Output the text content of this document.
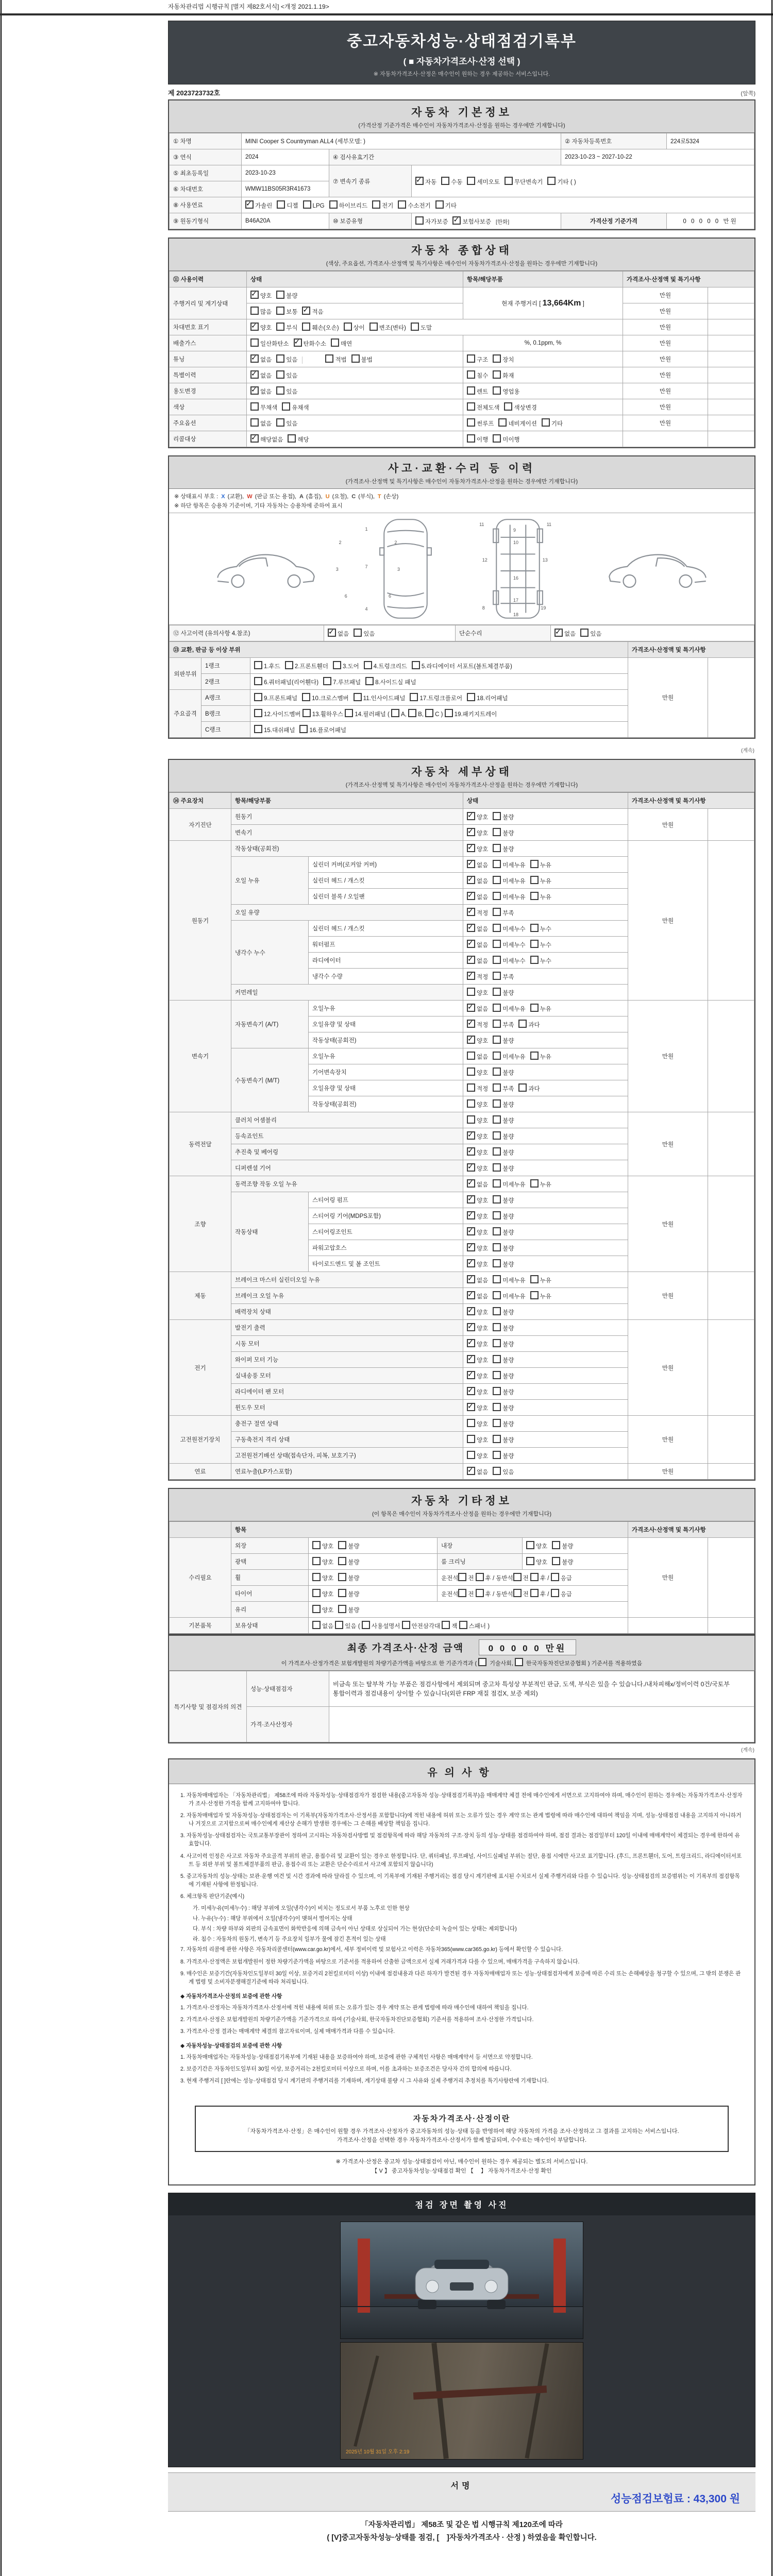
자동차관리법 시행규칙 [별지 제82호서식] <개정 2021.1.19>
중고자동차성능·상태점검기록부
( ■ 자동차가격조사·산정 선택 )
※ 자동차가격조사·산정은 매수인이 원하는 경우 제공하는 서비스입니다.
제 2023723732호	(앞쪽)
자동차 기본정보
(가격산정 기준가격은 매수인이 자동차가격조사·산정을 원하는 경우에만 기재합니다)
① 차명	MINI Cooper S Countryman ALL4 (세부모델: )			② 자동차등록번호	224로5324
③ 연식	2024	④ 검사유효기간		2023-10-23 ~ 2027-10-22	
⑤ 최초등록일	2023-10-23	⑦ 변속기 종류	✓자동 수동 세미오토 무단변속기 기타 ( )
⑥ 차대번호	WMW11BS05R3R41673				
⑧ 사용연료	✓가솔린 디젤 LPG 하이브리드 전기 수소전기 기타
⑨ 원동기형식	B46A20A	⑩ 보증유형	자가보증 ✓ 보험사보증 [한화]	가격산정 기준가격	0 0 0 0 0 만원
자동차 종합상태
(색상, 주요옵션, 가격조사·산정액 및 특기사항은 매수인이 자동차가격조사·산정을 원하는 경우에만 기재합니다)
⑪ 사용이력	상태	항목/해당부품	가격조사·산정액 및 특기사항	
주행거리 및 계기상태	✓양호 불량	현재 주행거리 [ 13,664Km ]	만원	
	많음 보통 ✓ 적음		만원	
차대번호 표기	✓양호 부식 훼손(오손) 상이 변조(변타) 도말		만원	
배출가스	일산화탄소 ✓ 탄화수소 매연	%, 0.1ppm, %	만원	
튜닝	✓없음 있음 적법 불법	구조 장치	만원	
특별이력	✓없음 있음	침수 화재	만원	
용도변경	✓없음 있음	렌트 영업용	만원	
색상	무채색 유채색	전체도색 색상변경	만원	
주요옵션	없음 있음	썬루프 네비게이션 기타	만원	
리콜대상	✓해당없음 해당	이행 미이행		
사고·교환·수리 등 이력
(가격조사·산정액 및 특기사항은 매수인이 자동차가격조사·산정을 원하는 경우에만 기재합니다)
※ 상태표시 부호 : X (교환), W (판금 또는 용접), A (흠집), U (요철), C (부식), T (손상)
※ 하단 항목은 승용차 기준이며, 기타 자동차는 승용차에 준하여 표시
1
2	2
3	3
7
4
6	6
11	11
9
10
12	13
16
17
18
19
8
⑫ 사고이력 (유의사항 4.참조)	✓없음 있음	단순수리	✓없음 있음
⑬ 교환, 판금 등 이상 부위			가격조사·산정액 및 특기사항	
외판부위	1랭크	1.후드 2.프론트휀더 3.도어 4.트렁크리드 5.라디에이터 서포트(볼트체결부품)	만원	
	2랭크	6.쿼터패널(리어휀다) 7.루브패널 8.사이드실 패널		
주요골격	A랭크	9.프론트패널 10.크로스멤버 11.인사이드패널 17.트렁크플로어 18.리어패널		
	B랭크	12.사이드멤버 13.휠하우스 14.필러패널 ( A, B, C ) 19.패키지트레이		
	C랭크	15.대쉬패널 16.플로어패널		
(계속)
자동차 세부상태
(가격조사·산정액 및 특기사항은 매수인이 자동차가격조사·산정을 원하는 경우에만 기재합니다)
⑭ 주요장치	항목/해당부품		상태	가격조사·산정액 및 특기사항	
자기진단	원동기	✓양호 불량	만원	
	변속기	✓양호 불량
원동기	작동상태(공회전)	✓양호 불량	만원	
	오일 누유	실린더 커버(로커암 커버)	✓없음 미세누유 누유
		실린더 헤드 / 개스킷	✓없음 미세누유 누유
		실린더 블록 / 오일팬	✓없음 미세누유 누유
	오일 유량	✓적정 부족
	냉각수 누수	실린더 헤드 / 개스킷	✓없음 미세누수 누수
		워터펌프	✓없음 미세누수 누수
		라디에이터	✓없음 미세누수 누수
		냉각수 수량	✓적정 부족
	커먼레일		양호 불량		
변속기	자동변속기 (A/T)	오일누유	✓없음 미세누유 누유	만원	
		오일유량 및 상태	✓적정 부족 과다
		작동상태(공회전)	✓양호 불량
	수동변속기 (M/T)	오일누유	없음 미세누유 누유		
		기어변속장치	양호 불량		
		오일유량 및 상태	적정 부족 과다		
		작동상태(공회전)	양호 불량		
동력전달	클러치 어셈블리		양호 불량	만원	
	등속죠인트	✓양호 불량
	추진축 및 베어링	✓양호 불량
	디퍼렌셜 기어	✓양호 불량
조향	동력조향 작동 오일 누유	✓없음 미세누유 누유	만원	
	작동상태	스티어링 펌프	✓양호 불량
		스티어링 기어(MDPS포함)	✓양호 불량
		스티어링조인트	✓양호 불량
		파워고압호스	✓양호 불량
		타이로드엔드 및 볼 조인트	✓양호 불량
제동	브레이크 마스터 실린더오일 누유	✓없음 미세누유 누유	만원	
	브레이크 오일 누유	✓없음 미세누유 누유
	배력장치 상태	✓양호 불량
전기	발전기 출력	✓양호 불량	만원	
	시동 모터	✓양호 불량
	와이퍼 모터 기능	✓양호 불량
	실내송풍 모터	✓양호 불량
	라디에이터 팬 모터	✓양호 불량
	윈도우 모터	✓양호 불량
고전원전기장치	충전구 절연 상태		양호 불량	만원	
	구동축전지 격리 상태		양호 불량		
	고전원전기배선 상태(접속단자, 피복, 보호기구)		양호 불량		
연료	연료누출(LP가스포함)	✓없음 있음	만원	
자동차 기타정보
(이 항목은 매수인이 자동차가격조사·산정을 원하는 경우에만 기재합니다)
	항목				가격조사·산정액 및 특기사항	
수리필요	외장	양호 불량	내장	양호 불량	만원	
	광택	양호 불량	룸 크리닝	양호 불량		
	휠	양호 불량	운전석 전 후 / 동반석 전 후 / 응급			
	타이어	양호 불량	운전석 전 후 / 동반석 전 후 / 응급			
	유리	양호 불량				
기본품목	보유상태	없음 있음 ( 사용설명서 안전삼각대 잭 스패너 )				
최종 가격조사·산정 금액	0 0 0 0 0 만원
이 가격조사·산정가격은 보험개발원의 차량기준가액을 바탕으로 한 기준가격과 (  기술사회,  한국자동차진단보증협회 ) 기준서를 적용하였음
특기사항 및 점검자의 의견	성능·상태점검자	비금속 또는 탈부착 가능 부품은 점검사항에서 제외되며 중고차 특성상 부분적인 판금, 도색, 부식은 있을 수 있습니다./내차피해x/정비이력 0건/국토부 통합이력과 점검내용이 상이할 수 있습니다(외판 FRP 재질 점검X, 보증 제외)
	가격·조사산정자	
(계속)
유의사항
1. 자동차매매업자는 「자동차관리법」 제58조에 따라 자동차성능·상태점검자가 점검한 내용(중고자동차 성능·상태점검기록부)을 매매계약 체결 전에 매수인에게 서면으로 고지하여야 하며, 매수인이 원하는 경우에는 자동차가격조사·산정자가 조사·산정한 가격을 함께 고지하여야 합니다.
2. 자동차매매업자 및 자동차성능·상태점검자는 이 기록부(자동차가격조사·산정서를 포함합니다)에 적힌 내용에 허위 또는 오류가 있는 경우 계약 또는 관계 법령에 따라 매수인에 대하여 책임을 지며, 성능·상태점검 내용을 고지하지 아니하거나 거짓으로 고지함으로써 매수인에게 재산상 손해가 발생한 경우에는 그 손해를 배상할 책임을 집니다.
3. 자동차성능·상태점검자는 국토교통부장관이 정하여 고시하는 자동차검사방법 및 점검항목에 따라 해당 자동차의 구조·장치 등의 성능·상태를 점검하여야 하며, 점검 결과는 점검일부터 120일 이내에 매매계약이 체결되는 경우에 한하여 유효합니다.
4. 사고이력 인정은 사고로 자동차 주요골격 부위의 판금, 용접수리 및 교환이 있는 경우로 한정합니다. 단, 쿼터패널, 루프패널, 사이드실패널 부위는 절단, 용접 시에만 사고로 표기합니다. (후드, 프론트휀더, 도어, 트렁크리드, 라디에이터서포트 등 외판 부위 및 볼트체결부품의 판금, 용접수리 또는 교환은 단순수리로서 사고에 포함되지 않습니다)
5. 중고자동차의 성능·상태는 보관·운행 여건 및 시간 경과에 따라 달라질 수 있으며, 이 기록부에 기재된 주행거리는 점검 당시 계기판에 표시된 수치로서 실제 주행거리와 다를 수 있습니다. 성능·상태점검의 보증범위는 이 기록부의 점검항목에 기재된 사항에 한정됩니다.
6. 체크항목 판단기준(예시)
가. 미세누유(미세누수) : 해당 부위에 오일(냉각수)이 비치는 정도로서 부품 노후로 인한 현상
나. 누유(누수) : 해당 부위에서 오일(냉각수)이 맺혀서 떨어지는 상태
다. 부식 : 차량 하부와 외판의 금속표면이 화학반응에 의해 금속이 아닌 상태로 상실되어 가는 현상(단순히 녹슬어 있는 상태는 제외합니다)
라. 침수 : 자동차의 원동기, 변속기 등 주요장치 일부가 물에 잠긴 흔적이 있는 상태
7. 자동차의 리콜에 관한 사항은 자동차리콜센터(www.car.go.kr)에서, 세부 정비이력 및 보험사고 이력은 자동차365(www.car365.go.kr) 등에서 확인할 수 있습니다.
8. 가격조사·산정액은 보험개발원이 정한 차량기준가액을 바탕으로 기준서를 적용하여 산출한 금액으로서 실제 거래가격과 다를 수 있으며, 매매가격을 구속하지 않습니다.
9. 매수인은 보증기간(자동차인도일부터 30일 이상, 보증거리 2천킬로미터 이상) 이내에 점검내용과 다른 하자가 발견된 경우 자동차매매업자 또는 성능·상태점검자에게 보증에 따른 수리 또는 손해배상을 청구할 수 있으며, 그 밖의 분쟁은 관계 법령 및 소비자분쟁해결기준에 따라 처리됩니다.
◆ 자동차가격조사·산정의 보증에 관한 사항
1. 가격조사·산정자는 자동차가격조사·산정서에 적힌 내용에 허위 또는 오류가 있는 경우 계약 또는 관계 법령에 따라 매수인에 대하여 책임을 집니다.
2. 가격조사·산정은 보험개발원의 차량기준가액을 기준가격으로 하여 (기술사회, 한국자동차진단보증협회) 기준서를 적용하여 조사·산정한 가격입니다.
3. 가격조사·산정 결과는 매매계약 체결의 참고자료이며, 실제 매매가격과 다를 수 있습니다.
◆ 자동차성능·상태점검의 보증에 관한 사항
1. 자동차매매업자는 자동차성능·상태점검기록부에 기재된 내용을 보증하여야 하며, 보증에 관한 구체적인 사항은 매매계약서 등 서면으로 약정합니다.
2. 보증기간은 자동차인도일부터 30일 이상, 보증거리는 2천킬로미터 이상으로 하며, 이를 초과하는 보증조건은 당사자 간의 합의에 따릅니다.
3. 현재 주행거리 [ ]란에는 성능·상태점검 당시 계기판의 주행거리를 기재하며, 계기상태 불량 시 그 사유와 실제 주행거리 추정치를 특기사항란에 기재합니다.
자동차가격조사·산정이란
「자동차가격조사·산정」은 매수인이 원할 경우 가격조사·산정자가 중고자동차의 성능·상태 등을 반영하여 해당 자동차의 가격을 조사·산정하고 그 결과를 고지하는 서비스입니다.
가격조사·산정을 선택한 경우 자동차가격조사·산정서가 함께 발급되며, 수수료는 매수인이 부담합니다.
※ 가격조사·산정은 중고차 성능·상태점검이 아닌, 매수인이 원하는 경우 제공되는 별도의 서비스입니다.
【 V 】 중고자동차성능·상태점검 확인 【　 】 자동차가격조사·산정 확인
점검 장면 촬영 사진
2025년 10월 31일 오후 2:19
서명
성능점검보험료 : 43,300 원
「자동차관리법」 제58조 및 같은 법 시행규칙 제120조에 따라
( [V]중고자동차성능·상태를 점검, [　]자동차가격조사 · 산정 ) 하였음을 확인합니다.
